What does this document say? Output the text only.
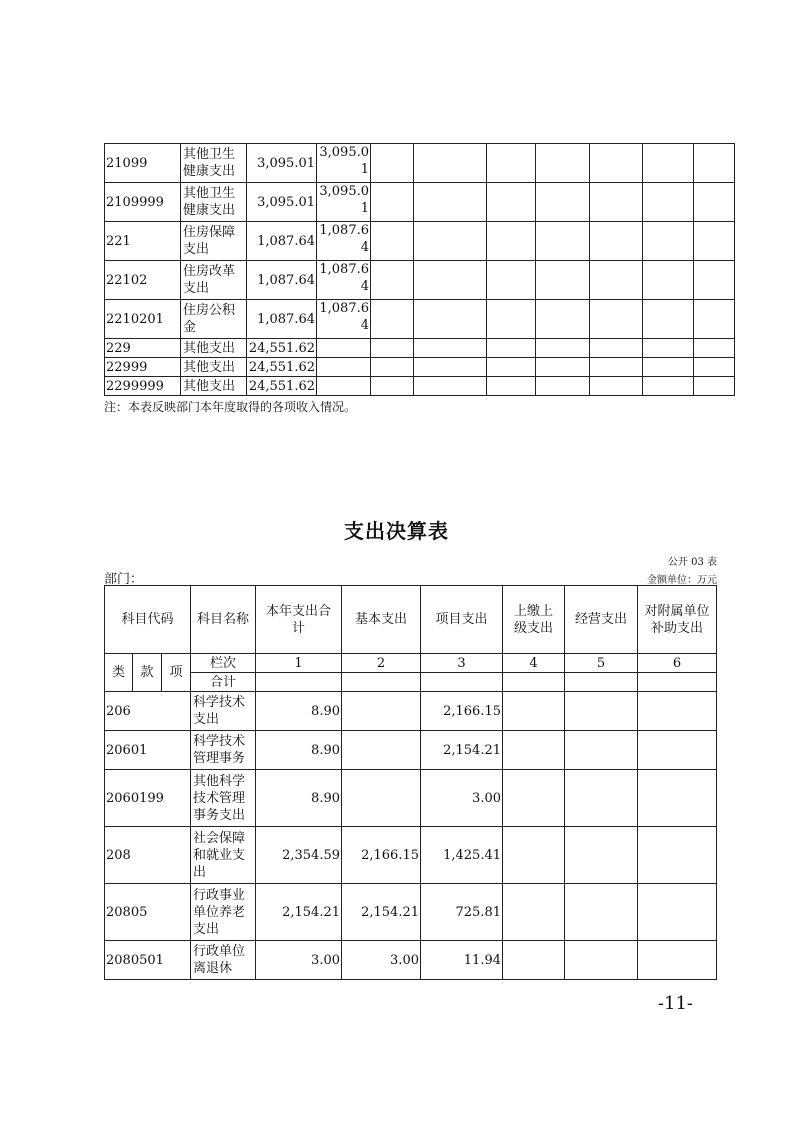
21099	其他卫生健康支出	3,095.01	3,095.01							
2109999	其他卫生健康支出	3,095.01	3,095.01							
221	住房保障支出	1,087.64	1,087.64							
22102	住房改革支出	1,087.64	1,087.64							
2210201	住房公积金	1,087.64	1,087.64							
229	其他支出	24,551.62								
22999	其他支出	24,551.62								
2299999	其他支出	24,551.62								
注：本表反映部门本年度取得的各项收入情况。
支出决算表
公开 03 表
部门：	金额单位：万元
科目代码			科目名称	本年支出合计	基本支出	项目支出	上缴上级支出	经营支出	对附属单位补助支出
类	款	项	栏次	1	2	3	4	5	6
			合计						
206			科学技术支出	8.90		2,166.15			
20601			科学技术管理事务	8.90		2,154.21			
2060199			其他科学技术管理事务支出	8.90		3.00			
208			社会保障和就业支出	2,354.59	2,166.15	1,425.41			
20805			行政事业单位养老支出	2,154.21	2,154.21	725.81			
2080501			行政单位离退休	3.00	3.00	11.94			
-11-
